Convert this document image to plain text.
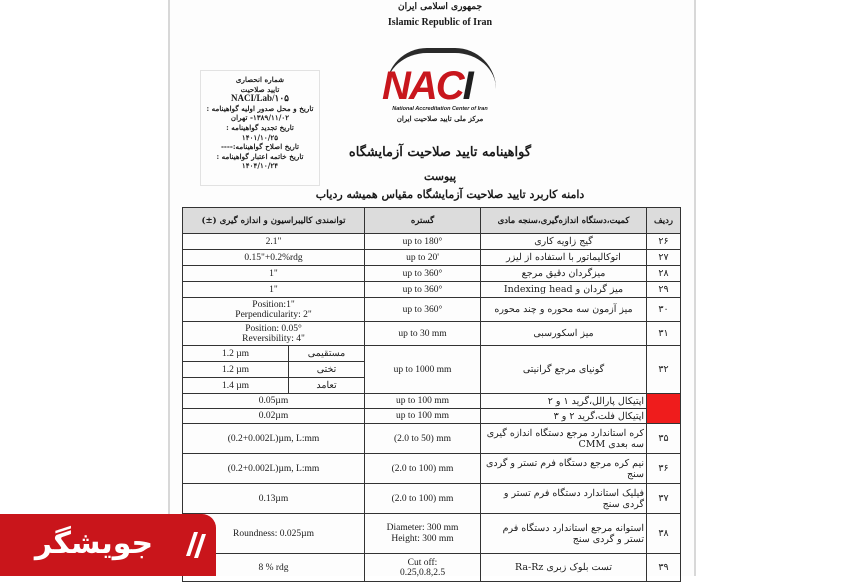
جمهوری اسلامی ایران
Islamic Republic of Iran
NACI
National Accreditation Center of Iran
مرکز ملی تایید صلاحیت ایران
شماره انحصاری
تایید صلاحیت
NACI/Lab/۱۰۵
تاریخ و محل صدور اولیه گواهینامه :
۱۳۸۹/۱۱/۰۲- تهران
تاریخ تجدید گواهینامه :
۱۴۰۱/۱۰/۲۵
تاریخ اصلاح گواهینامه:----
تاریخ خاتمه اعتبار گواهینامه :
۱۴۰۴/۱۰/۲۴
گواهینامه تایید صلاحیت آزمایشگاه
پیوست
دامنه کاربرد تایید صلاحیت آزمایشگاه مقیاس همیشه ردیاب
توانمندی کالیبراسیون و اندازه گیری (±)		گستره	کمیت،دستگاه اندازه‌گیری،سنجه مادی	ردیف
2.1"		up to 180°	گیج زاویه کاری	۲۶
0.15"+0.2%rdg		up to 20'	اتوکالیماتور با استفاده از لیزر	۲۷
1"		up to 360°	میزگردان دقیق مرجع	۲۸
1"		up to 360°	میز گردان و Indexing head	۲۹

Position:1"
Perpendicularity: 2"		up to 360°	میز آزمون سه محوره و چند محوره	۳۰

Position: 0.05°
Reversibility: 4"		up to 30 mm	میز اسکورسبی	۳۱
1.2 µm	مستقیمی	up to 1000 mm	گونیای مرجع گرانیتی	۳۲
1.2 µm	تختی			
1.4 µm	تعامد			
0.05µm		up to 100 mm	اپتیکال پارالل،گرید ۱ و ۲	
0.02µm		up to 100 mm	اپتیکال فلت،گرید ۲ و ۳	
(0.2+0.002L)µm, L:mm		(2.0 to 50) mm	کره استاندارد مرجع دستگاه اندازه گیری سه بعدی CMM	۳۵
(0.2+0.002L)µm, L:mm		(2.0 to 100) mm	نیم کره مرجع دستگاه فرم تستر و گردی سنج	۳۶
0.13µm		(2.0 to 100) mm	فیلیک استاندارد دستگاه فرم تستر و گردی سنج	۳۷
Roundness: 0.025µm		Diameter: 300 mm
Height: 300 mm	استوانه مرجع استاندارد دستگاه فرم تستر و گردی سنج	۳۸
8 % rdg		Cut off:
0.25,0.8,2.5	تست بلوک زبری Ra-Rz	۳۹
جویشگر
